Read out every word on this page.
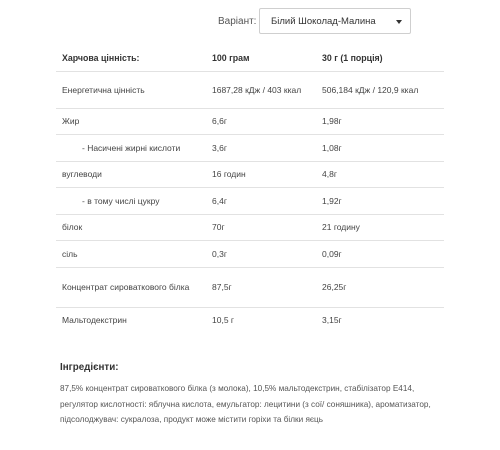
Варіант: Білий Шоколад-Малина
Харчова цінність:	100 грам	30 г (1 порція)
Енергетична цінність	1687,28 кДж / 403 ккал	506,184 кДж / 120,9 ккал
Жир	6,6г	1,98г
- Насичені жирні кислоти	3,6г	1,08г
вуглеводи	16 годин	4,8г
- в тому числі цукру	6,4г	1,92г
білок	70г	21 годину
сіль	0,3г	0,09г
Концентрат сироваткового білка	87,5г	26,25г
Мальтодекстрин	10,5 г	3,15г
Інгредієнти:
87,5% концентрат сироваткового білка (з молока), 10,5% мальтодекстрин, стабілізатор E414, регулятор кислотності: яблучна кислота, емульгатор: лецитини (з сої/ соняшника), ароматизатор, підсолоджувач: сукралоза, продукт може містити горіхи та білки яєць
